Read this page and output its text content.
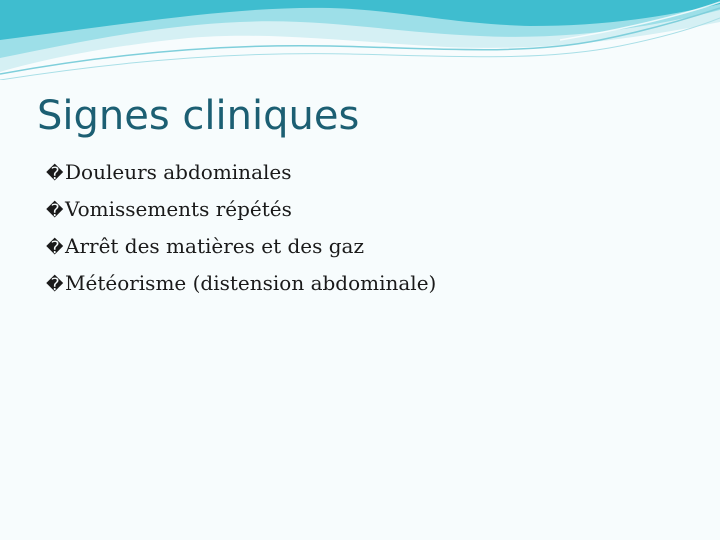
Signes cliniques
�Douleurs abdominales
�Vomissements répétés
�Arrêt des matières et des gaz
�Météorisme (distension abdominale)
